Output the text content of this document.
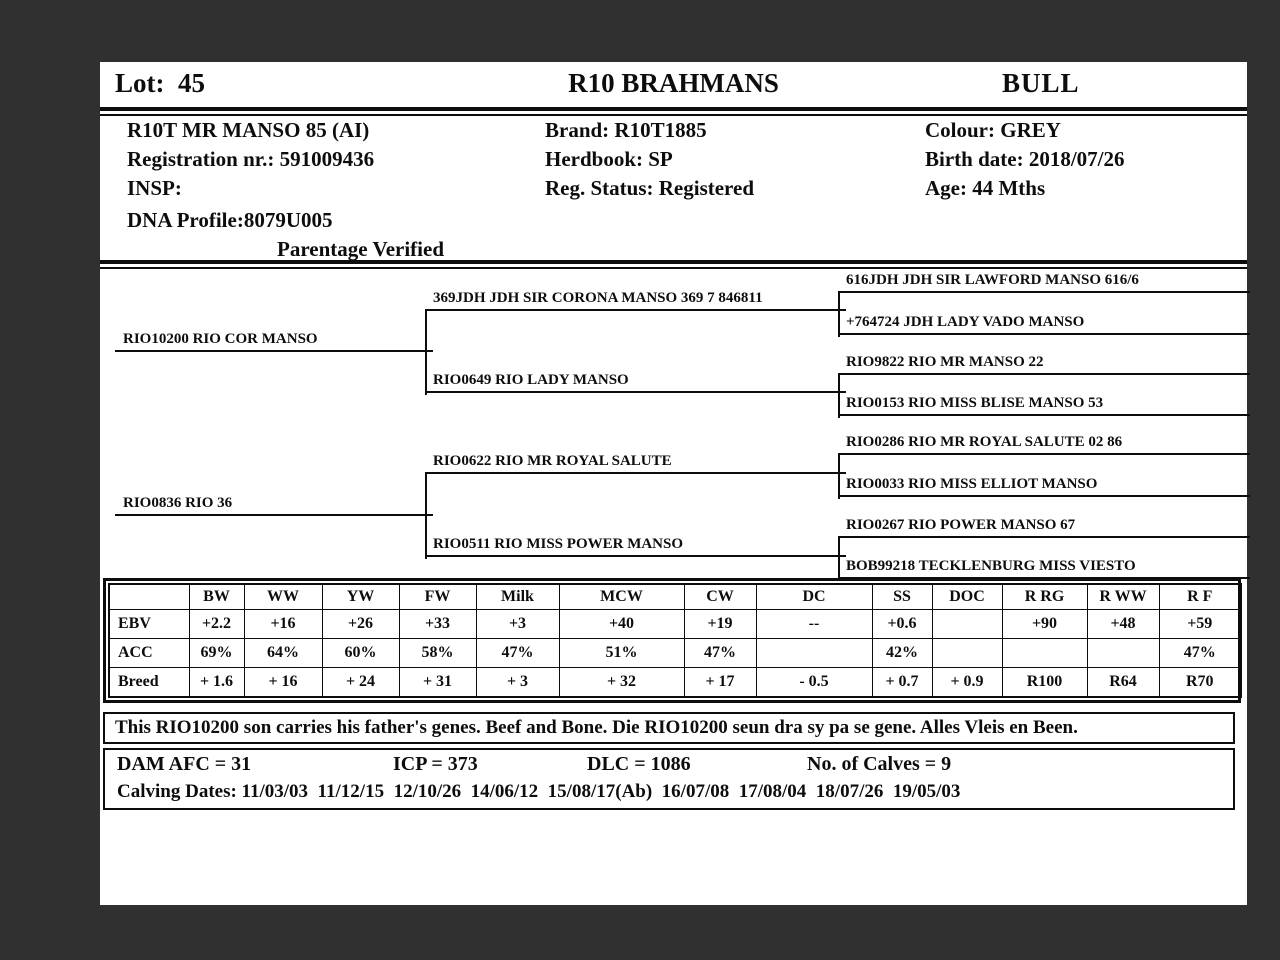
Lot:  45	R10 BRAHMANS	BULL
R10T MR MANSO 85 (AI)
Registration nr.: 591009436
INSP:
DNA Profile:8079U005
Parentage Verified
Brand: R10T1885
Herdbook: SP
Reg. Status: Registered
Colour: GREY
Birth date: 2018/07/26
Age: 44 Mths
RIO10200 RIO COR MANSO
RIO0836 RIO 36
369JDH JDH SIR CORONA MANSO 369 7 846811
RIO0649 RIO LADY MANSO
RIO0622 RIO MR ROYAL SALUTE
RIO0511 RIO MISS POWER MANSO
616JDH JDH SIR LAWFORD MANSO 616/6
+764724 JDH LADY VADO MANSO
RIO9822 RIO MR MANSO 22
RIO0153 RIO MISS BLISE MANSO 53
RIO0286 RIO MR ROYAL SALUTE 02 86
RIO0033 RIO MISS ELLIOT MANSO
RIO0267 RIO POWER MANSO 67
BOB99218 TECKLENBURG MISS VIESTO
	BW	WW	YW	FW	Milk	MCW	CW	DC	SS	DOC	R RG	R WW	R F
EBV	+2.2	+16	+26	+33	+3	+40	+19	--	+0.6		+90	+48	+59
ACC	69%	64%	60%	58%	47%	51%	47%		42%				47%
Breed	+ 1.6	+ 16	+ 24	+ 31	+ 3	+ 32	+ 17	- 0.5	+ 0.7	+ 0.9	R100	R64	R70
This RIO10200 son carries his father's genes. Beef and Bone. Die RIO10200 seun dra sy pa se gene. Alles Vleis en Been.
DAM AFC = 31	ICP = 373	DLC = 1086	No. of Calves = 9
Calving Dates: 11/03/03  11/12/15  12/10/26  14/06/12  15/08/17(Ab)  16/07/08  17/08/04  18/07/26  19/05/03
